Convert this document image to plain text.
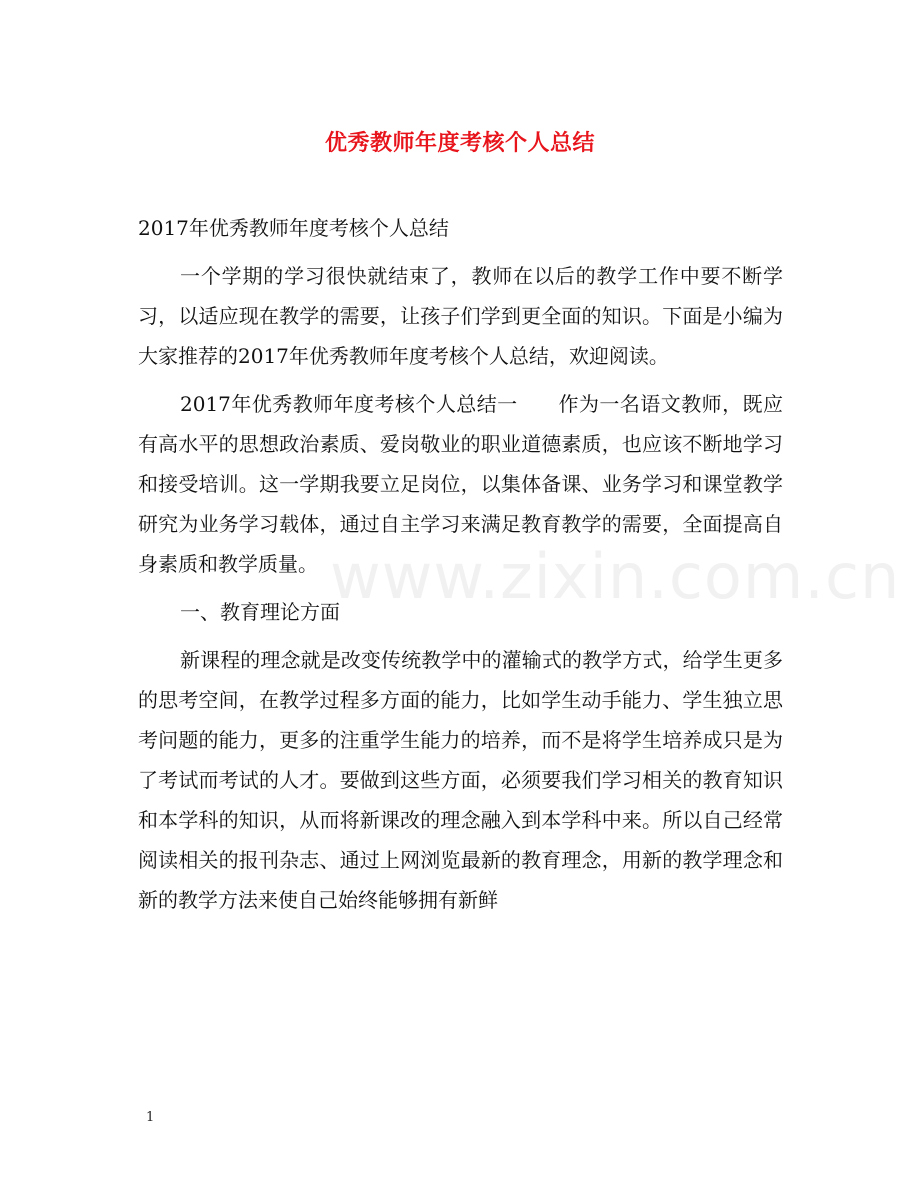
优秀教师年度考核个人总结
www.zixin.com.cn

2017年优秀教师年度考核个人总结

一个学期的学习很快就结束了，教师在以后的教学工作中要不断学习，以适应现在教学的需要，让孩子们学到更全面的知识。下面是小编为大家推荐的2017年优秀教师年度考核个人总结，欢迎阅读。

2017年优秀教师年度考核个人总结一　　作为一名语文教师，既应有高水平的思想政治素质、爱岗敬业的职业道德素质，也应该不断地学习和接受培训。这一学期我要立足岗位，以集体备课、业务学习和课堂教学研究为业务学习载体，通过自主学习来满足教育教学的需要，全面提高自身素质和教学质量。

一、教育理论方面

新课程的理念就是改变传统教学中的灌输式的教学方式，给学生更多的思考空间，在教学过程多方面的能力，比如学生动手能力、学生独立思考问题的能力，更多的注重学生能力的培养，而不是将学生培养成只是为了考试而考试的人才。要做到这些方面，必须要我们学习相关的教育知识和本学科的知识，从而将新课改的理念融入到本学科中来。所以自己经常阅读相关的报刊杂志、通过上网浏览最新的教育理念，用新的教学理念和新的教学方法来使自己始终能够拥有新鲜

1
